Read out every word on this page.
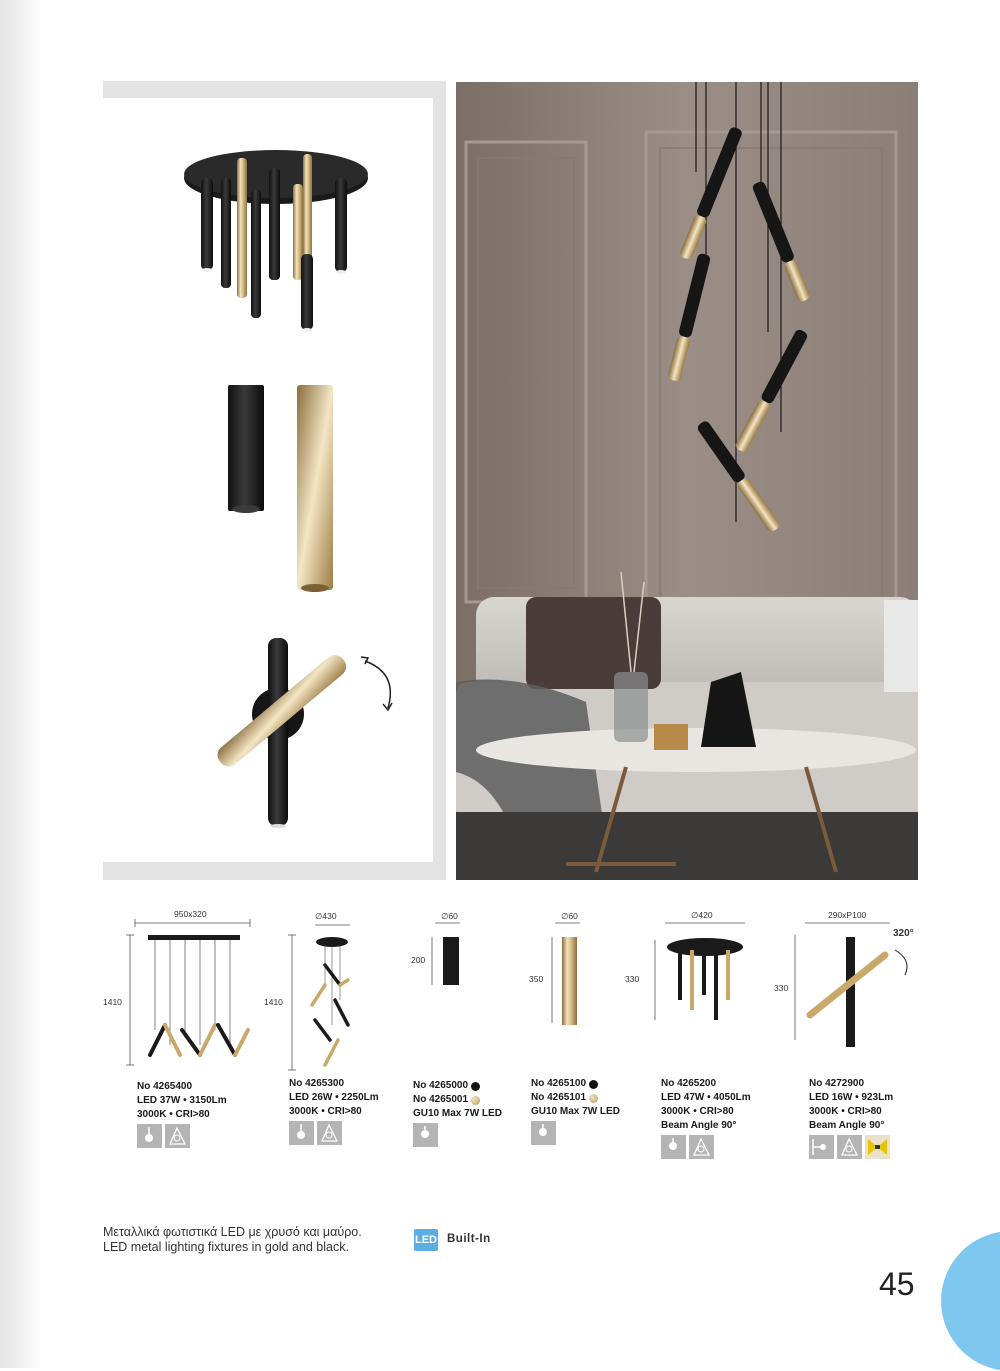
950x320
1410
∅430
1410
∅60
200
∅60
350
∅420
330
290xP100
330
320°
No 4265400
LED 37W • 3150Lm
3000K • CRI>80
No 4265300
LED 26W • 2250Lm
3000K • CRI>80
No 4265000
No 4265001
GU10 Max 7W LED
No 4265100
No 4265101
GU10 Max 7W LED
No 4265200
LED 47W • 4050Lm
3000K • CRI>80
Beam Angle 90°
No 4272900
LED 16W • 923Lm
3000K • CRI>80
Beam Angle 90°
Μεταλλικά φωτιστικά LED με χρυσό και μαύρο.
LED metal lighting fixtures in gold and black.	LED Built-In
45
